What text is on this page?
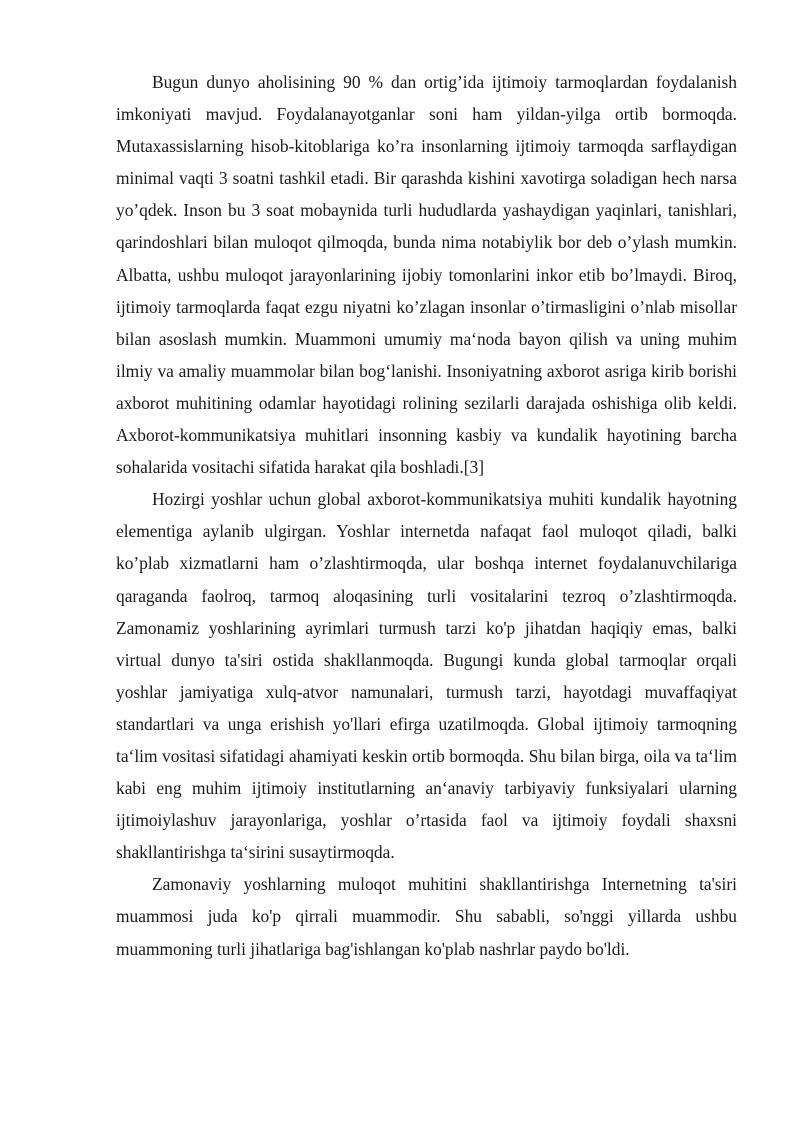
Bugun dunyo aholisining 90 % dan ortig’ida ijtimoiy tarmoqlardan foydalanish imkoniyati mavjud. Foydalanayotganlar soni ham yildan-yilga ortib bormoqda. Mutaxassislarning hisob-kitoblariga ko’ra insonlarning ijtimoiy tarmoqda sarflaydigan minimal vaqti 3 soatni tashkil etadi. Bir qarashda kishini xavotirga soladigan hech narsa yo’qdek. Inson bu 3 soat mobaynida turli hududlarda yashaydigan yaqinlari, tanishlari, qarindoshlari bilan muloqot qilmoqda, bunda nima notabiylik bor deb o’ylash mumkin. Albatta, ushbu muloqot jarayonlarining ijobiy tomonlarini inkor etib bo’lmaydi. Biroq, ijtimoiy tarmoqlarda faqat ezgu niyatni ko’zlagan insonlar o’tirmasligini o’nlab misollar bilan asoslash mumkin. Muammoni umumiy ma‘noda bayon qilish va uning muhim ilmiy va amaliy muammolar bilan bog‘lanishi. Insoniyatning axborot asriga kirib borishi axborot muhitining odamlar hayotidagi rolining sezilarli darajada oshishiga olib keldi. Axborot-kommunikatsiya muhitlari insonning kasbiy va kundalik hayotining barcha sohalarida vositachi sifatida harakat qila boshladi.[3]

Hozirgi yoshlar uchun global axborot-kommunikatsiya muhiti kundalik hayotning elementiga aylanib ulgirgan. Yoshlar internetda nafaqat faol muloqot qiladi, balki ko’plab xizmatlarni ham o’zlashtirmoqda, ular boshqa internet foydalanuvchilariga qaraganda faolroq, tarmoq aloqasining turli vositalarini tezroq o’zlashtirmoqda. Zamonamiz yoshlarining ayrimlari turmush tarzi ko'p jihatdan haqiqiy emas, balki virtual dunyo ta'siri ostida shakllanmoqda. Bugungi kunda global tarmoqlar orqali yoshlar jamiyatiga xulq-atvor namunalari, turmush tarzi, hayotdagi muvaffaqiyat standartlari va unga erishish yo'llari efirga uzatilmoqda. Global ijtimoiy tarmoqning ta‘lim vositasi sifatidagi ahamiyati keskin ortib bormoqda. Shu bilan birga, oila va ta‘lim kabi eng muhim ijtimoiy institutlarning an‘anaviy tarbiyaviy funksiyalari ularning ijtimoiylashuv jarayonlariga, yoshlar o’rtasida faol va ijtimoiy foydali shaxsni shakllantirishga ta‘sirini susaytirmoqda.

Zamonaviy yoshlarning muloqot muhitini shakllantirishga Internetning ta'siri muammosi juda ko'p qirrali muammodir. Shu sababli, so'nggi yillarda ushbu muammoning turli jihatlariga bag'ishlangan ko'plab nashrlar paydo bo'ldi.
